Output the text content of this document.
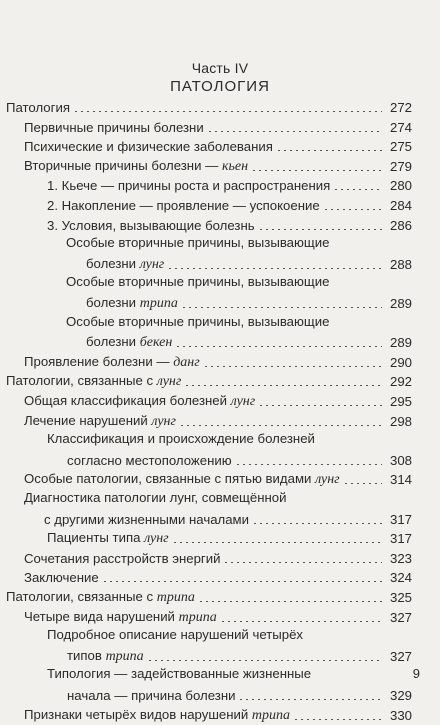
Часть IV
ПАТОЛОГИЯ
Патология	272
Первичные причины болезни	274
Психические и физические заболевания	275
Вторичные причины болезни — кьен	279
1. Кьече — причины роста и распространения	280
2. Накопление — проявление — успокоение	284
3. Условия, вызывающие болезнь	286
Особые вторичные причины, вызывающие
болезни лунг	288
Особые вторичные причины, вызывающие
болезни трипа	289
Особые вторичные причины, вызывающие
болезни бекен	289
Проявление болезни — данг	290
Патологии, связанные с лунг	292
Общая классификация болезней лунг	295
Лечение нарушений лунг	298
Классификация и происхождение болезней
согласно местоположению	308
Особые патологии, связанные с пятью видами лунг	314
Диагностика патологии лунг, совмещённой
с другими жизненными началами	317
Пациенты типа лунг	317
Сочетания расстройств энергий	323
Заключение	324
Патологии, связанные с трипа	325
Четыре вида нарушений трипа	327
Подробное описание нарушений четырёх
типов трипа	327
Типология — задействованные жизненные
начала — причина болезни	329
Признаки четырёх видов нарушений трипа	330
9
